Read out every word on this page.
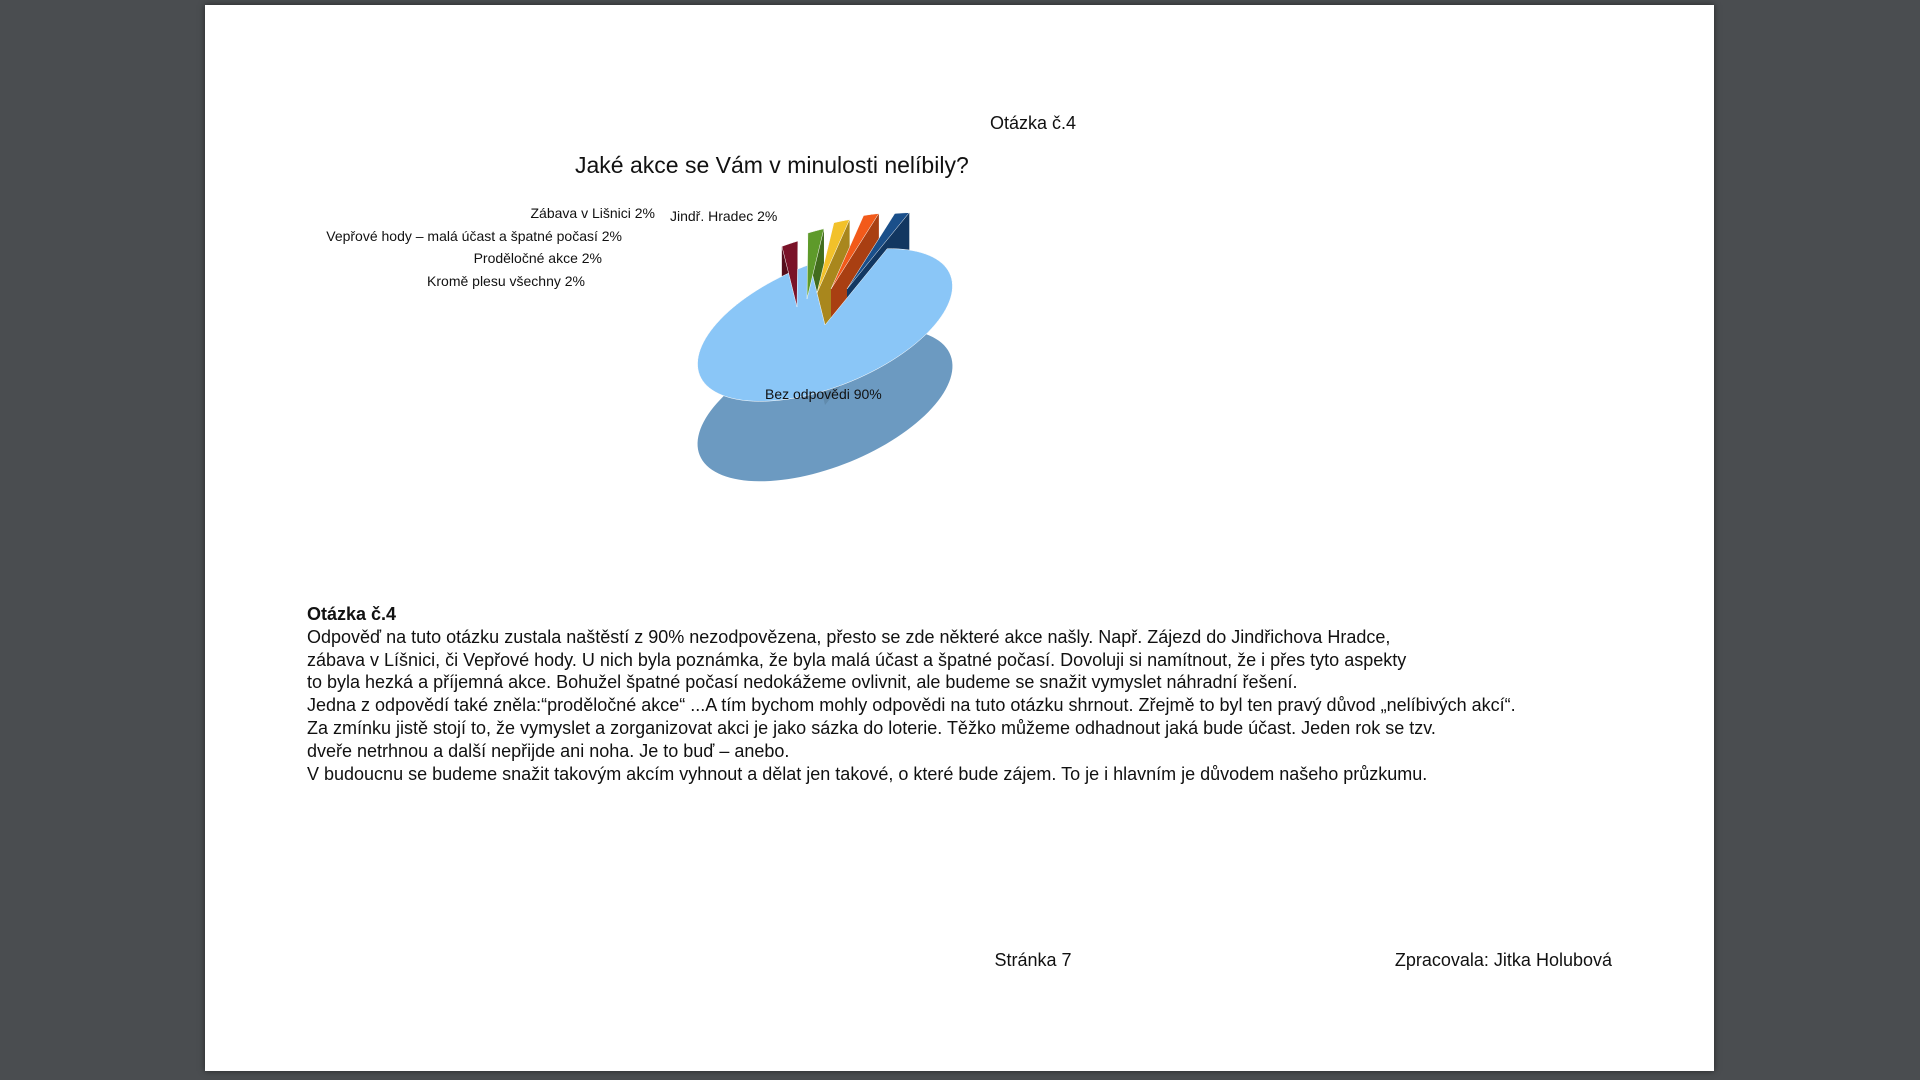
Otázka č.4
Jaké akce se Vám v minulosti nelíbily?
Bez odpovědi 90%
Kromě plesu všechny 2%
Proděločné akce 2%
Vepřové hody – malá účast a špatné počasí 2%
Zábava v Lišnici 2% Jindř. Hradec 2%
Otázka č.4

Odpověď na tuto otázku zustala naštěstí z 90% nezodpovězena, přesto se zde některé akce našly. Např. Zájezd do Jindřichova Hradce,

zábava v Líšnici, či Vepřové hody. U nich byla poznámka, že byla malá účast a špatné počasí. Dovoluji si namítnout, že i přes tyto aspekty

to byla hezká a příjemná akce. Bohužel špatné počasí nedokážeme ovlivnit, ale budeme se snažit vymyslet náhradní řešení.

Jedna z odpovědí také zněla:“proděločné akce“ ...A tím bychom mohly odpovědi na tuto otázku shrnout. Zřejmě to byl ten pravý důvod „nelíbivých akcí“.

Za zmínku jistě stojí to, že vymyslet a zorganizovat akci je jako sázka do loterie. Těžko můžeme odhadnout jaká bude účast. Jeden rok se tzv.

dveře netrhnou a další nepřijde ani noha. Je to buď – anebo.

V budoucnu se budeme snažit takovým akcím vyhnout a dělat jen takové, o které bude zájem. To je i hlavním je důvodem našeho průzkumu.

Stránka 7	Zpracovala: Jitka Holubová
